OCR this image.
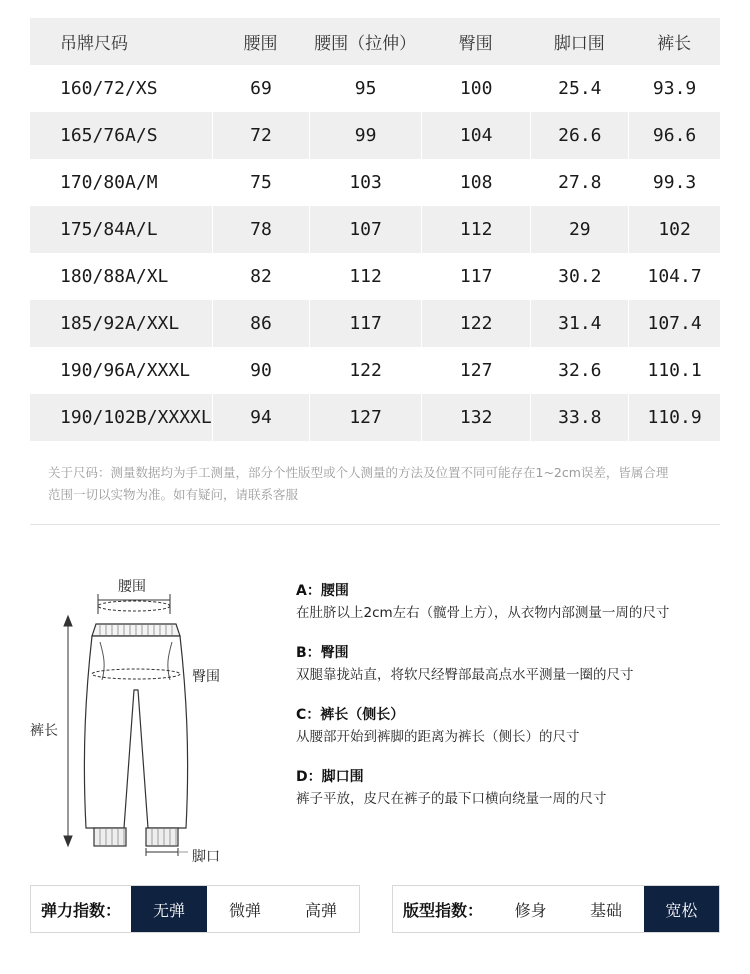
吊牌尺码	腰围	腰围（拉伸）	臀围	脚口围	裤长
160/72/XS	69	95	100	25.4	93.9
165/76A/S	72	99	104	26.6	96.6
170/80A/M	75	103	108	27.8	99.3
175/84A/L	78	107	112	29	102
180/88A/XL	82	112	117	30.2	104.7
185/92A/XXL	86	117	122	31.4	107.4
190/96A/XXXL	90	122	127	32.6	110.1
190/102B/XXXXL	94	127	132	33.8	110.9
关于尺码：测量数据均为手工测量，部分个性版型或个人测量的方法及位置不同可能存在1~2cm误差，皆属合理
范围一切以实物为准。如有疑问，请联系客服
腰围
臀围
裤长
脚口
A：腰围
在肚脐以上2cm左右（髋骨上方），从衣物内部测量一周的尺寸
B：臀围
双腿靠拢站直，将软尺经臀部最高点水平测量一圈的尺寸
C：裤长（侧长）
从腰部开始到裤脚的距离为裤长（侧长）的尺寸
D：脚口围
裤子平放，皮尺在裤子的最下口横向绕量一周的尺寸
弹力指数：	无弹	微弹	高弹	版型指数：	修身	基础	宽松
